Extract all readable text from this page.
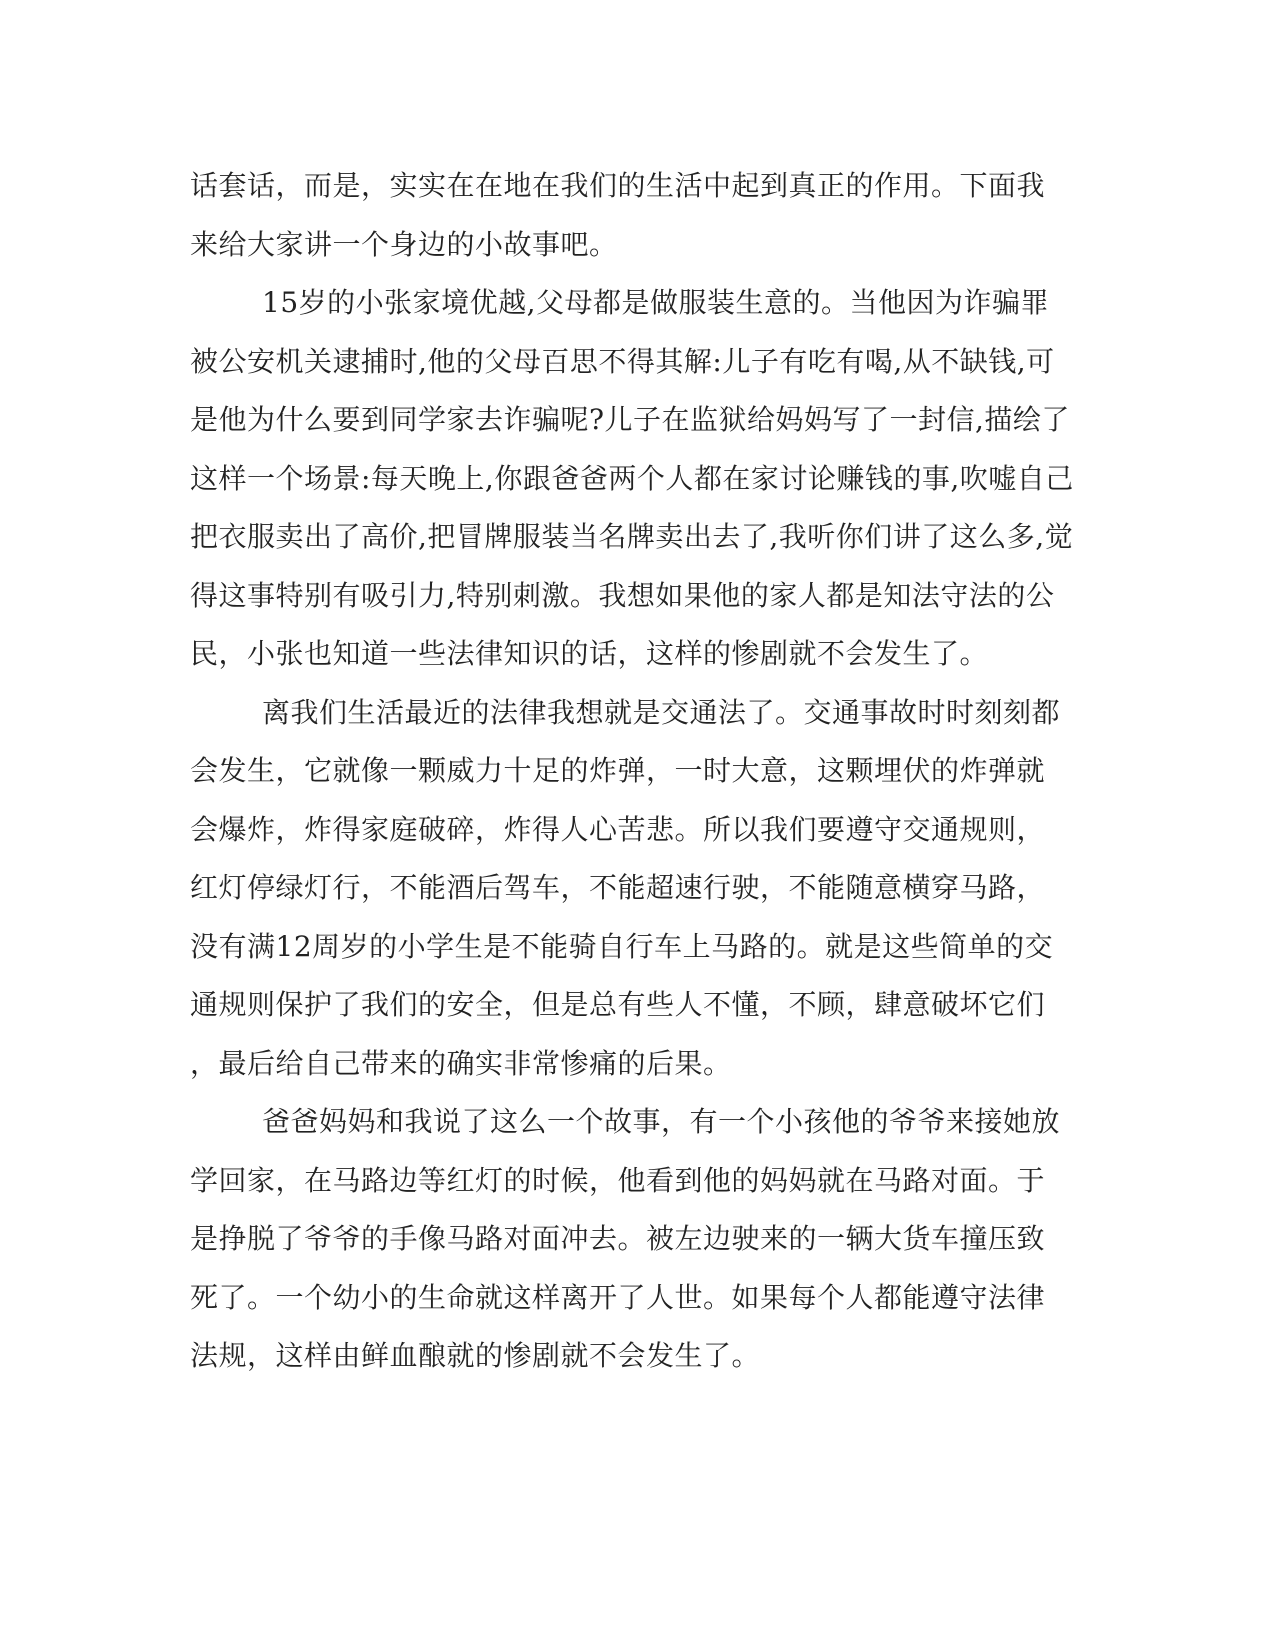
话套话，而是，实实在在地在我们的生活中起到真正的作用。下面我
来给大家讲一个身边的小故事吧。
15岁的小张家境优越,父母都是做服装生意的。当他因为诈骗罪
被公安机关逮捕时,他的父母百思不得其解:儿子有吃有喝,从不缺钱,可
是他为什么要到同学家去诈骗呢?儿子在监狱给妈妈写了一封信,描绘了
这样一个场景:每天晚上,你跟爸爸两个人都在家讨论赚钱的事,吹嘘自己
把衣服卖出了高价,把冒牌服装当名牌卖出去了,我听你们讲了这么多,觉
得这事特别有吸引力,特别刺激。我想如果他的家人都是知法守法的公
民，小张也知道一些法律知识的话，这样的惨剧就不会发生了。
离我们生活最近的法律我想就是交通法了。交通事故时时刻刻都
会发生，它就像一颗威力十足的炸弹，一时大意，这颗埋伏的炸弹就
会爆炸，炸得家庭破碎，炸得人心苦悲。所以我们要遵守交通规则，
红灯停绿灯行，不能酒后驾车，不能超速行驶，不能随意横穿马路，
没有满12周岁的小学生是不能骑自行车上马路的。就是这些简单的交
通规则保护了我们的安全，但是总有些人不懂，不顾，肆意破坏它们
，最后给自己带来的确实非常惨痛的后果。
爸爸妈妈和我说了这么一个故事，有一个小孩他的爷爷来接她放
学回家，在马路边等红灯的时候，他看到他的妈妈就在马路对面。于
是挣脱了爷爷的手像马路对面冲去。被左边驶来的一辆大货车撞压致
死了。一个幼小的生命就这样离开了人世。如果每个人都能遵守法律
法规，这样由鲜血酿就的惨剧就不会发生了。
